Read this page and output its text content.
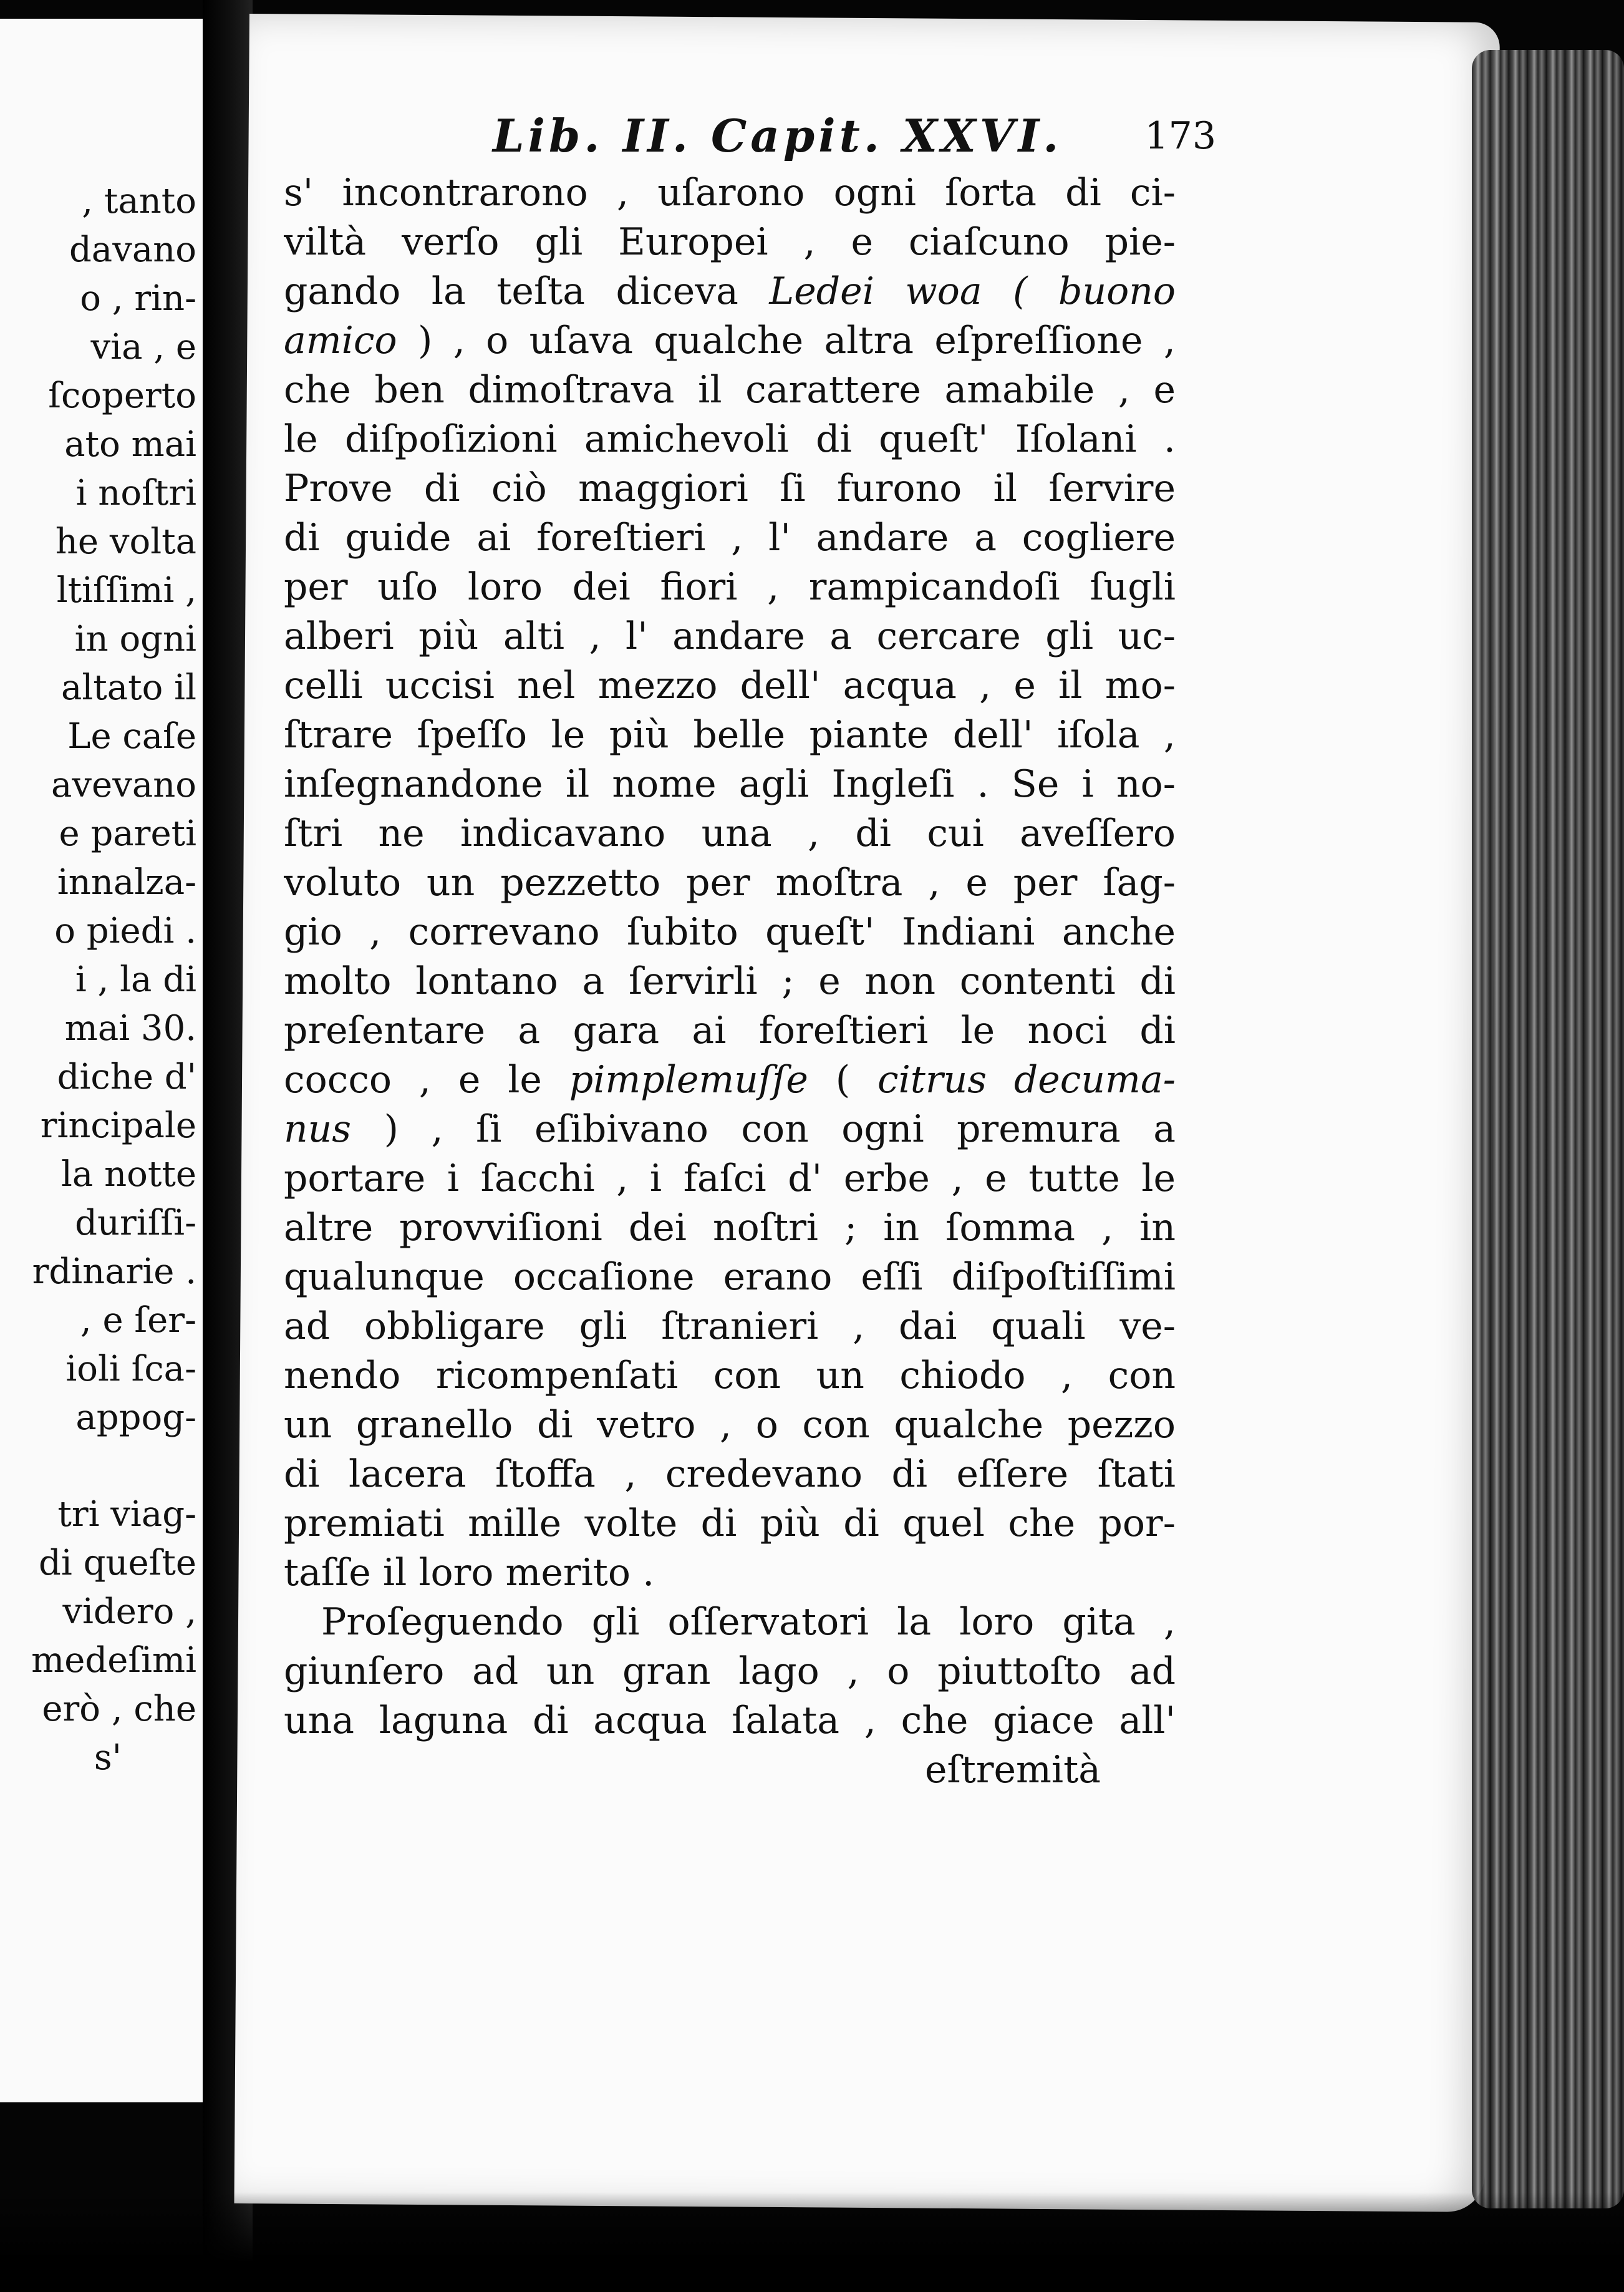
, tanto
davano
o , rin-
via , e
ſcoperto
ato mai
i noſtri
he volta
ltiſſimi ,
in ogni
altato il
Le caſe
avevano
e pareti
innalza-
o piedi .
i , la di
mai 30.
diche d'
rincipale
la notte
duriſſi-
rdinarie .
, e ſer-
ioli ſca-
appog-
tri viag-
di queſte
videro ,
medeſimi
erò , che
s'
Lib. II. Capit. XXVI. 173
s' incontrarono , uſarono ogni ſorta di ci-
viltà verſo gli Europei , e ciaſcuno pie-
gando la teſta diceva Ledei woa ( buono
amico ) , o uſava qualche altra eſpreſſione ,
che ben dimoſtrava il carattere amabile , e
le diſpoſizioni amichevoli di queſt' Iſolani .
Prove di ciò maggiori ſi furono il ſervire
di guide ai foreſtieri , l' andare a cogliere
per uſo loro dei fiori , rampicandoſi ſugli
alberi più alti , l' andare a cercare gli uc-
celli uccisi nel mezzo dell' acqua , e il mo-
ſtrare ſpeſſo le più belle piante dell' iſola ,
inſegnandone il nome agli Ingleſi . Se i no-
ſtri ne indicavano una , di cui aveſſero
voluto un pezzetto per moſtra , e per ſag-
gio , correvano ſubito queſt' Indiani anche
molto lontano a ſervirli ; e non contenti di
preſentare a gara ai foreſtieri le noci di
cocco , e le pimplemuſſe ( citrus decuma-
nus ) , ſi eſibivano con ogni premura a
portare i ſacchi , i faſci d' erbe , e tutte le
altre provviſioni dei noſtri ; in ſomma , in
qualunque occaſione erano eſſi diſpoſtiſſimi
ad obbligare gli ſtranieri , dai quali ve-
nendo ricompenſati con un chiodo , con
un granello di vetro , o con qualche pezzo
di lacera ſtoffa , credevano di eſſere ſtati
premiati mille volte di più di quel che por-
taſſe il loro merito .
Proſeguendo gli oſſervatori la loro gita ,
giunſero ad un gran lago , o piuttoſto ad
una laguna di acqua ſalata , che giace all'
eſtremità
